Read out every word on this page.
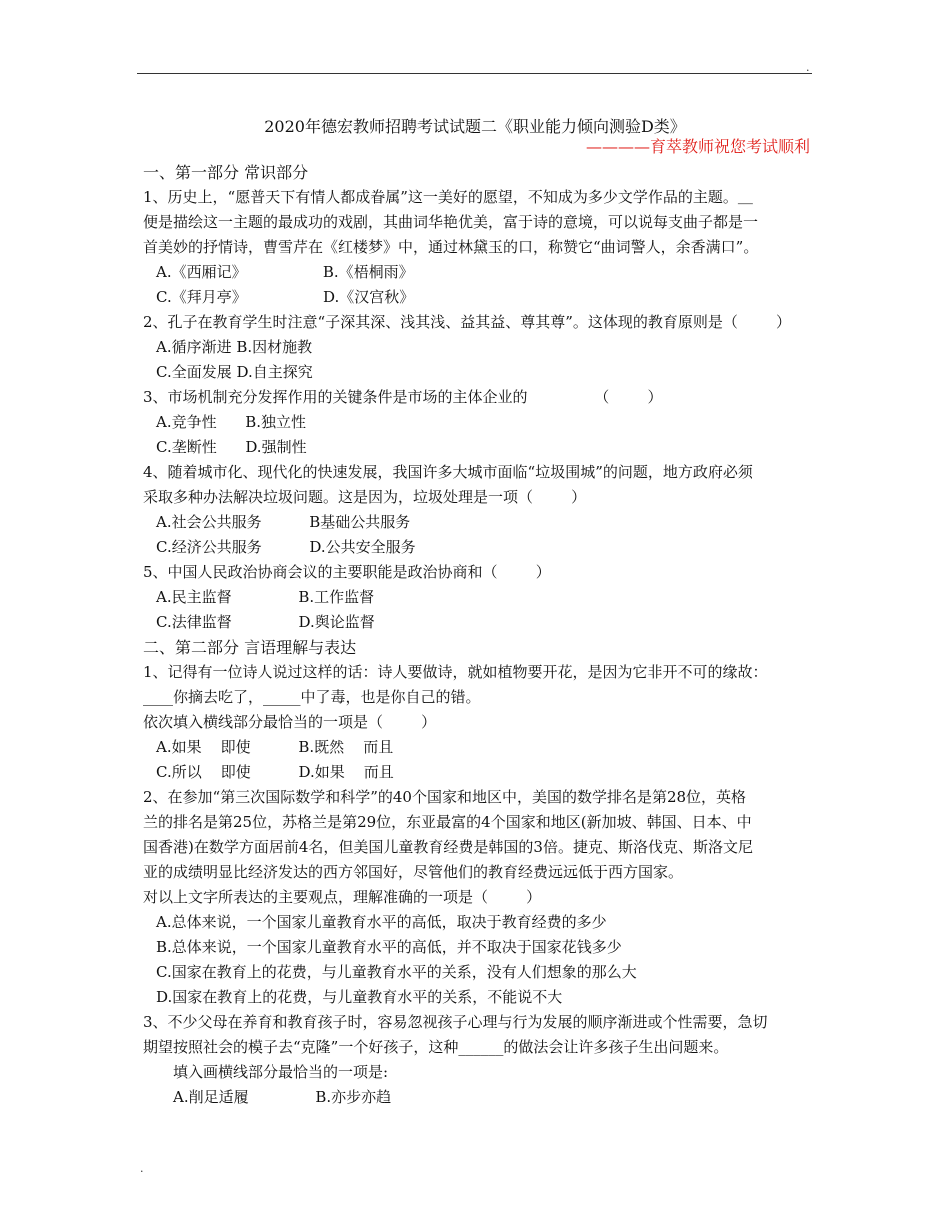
.
2020年德宏教师招聘考试试题二《职业能力倾向测验D类》
————育萃教师祝您考试顺利

一、第一部分 常识部分

1、历史上，“愿普天下有情人都成眷属”这一美好的愿望，不知成为多少文学作品的主题。＿

便是描绘这一主题的最成功的戏剧，其曲词华艳优美，富于诗的意境，可以说每支曲子都是一

首美妙的抒情诗，曹雪芹在《红楼梦》中，通过林黛玉的口，称赞它“曲词警人，余香满口”。

A.《西厢记》                B.《梧桐雨》

C.《拜月亭》                D.《汉宫秋》

2、孔子在教育学生时注意“子深其深、浅其浅、益其益、尊其尊”。这体现的教育原则是（        ）

A.循序渐进 B.因材施教

C.全面发展 D.自主探究

3、市场机制充分发挥作用的关键条件是市场的主体企业的              （        ）

A.竞争性      B.独立性

C.垄断性      D.强制性

4、随着城市化、现代化的快速发展，我国许多大城市面临“垃圾围城”的问题，地方政府必须

采取多种办法解决垃圾问题。这是因为，垃圾处理是一项（        ）

A.社会公共服务          B基础公共服务

C.经济公共服务          D.公共安全服务

5、中国人民政治协商会议的主要职能是政治协商和（        ）

A.民主监督              B.工作监督

C.法律监督              D.舆论监督

二、第二部分 言语理解与表达

1、记得有一位诗人说过这样的话：诗人要做诗，就如植物要开花，是因为它非开不可的缘故：

____你摘去吃了，_____中了毒，也是你自己的错。

依次填入横线部分最恰当的一项是（        ）

A.如果    即使          B.既然    而且

C.所以    即使          D.如果    而且

2、在参加“第三次国际数学和科学”的40个国家和地区中，美国的数学排名是第28位，英格

兰的排名是第25位，苏格兰是第29位，东亚最富的4个国家和地区(新加坡、韩国、日本、中

国香港)在数学方面居前4名，但美国儿童教育经费是韩国的3倍。捷克、斯洛伐克、斯洛文尼

亚的成绩明显比经济发达的西方邻国好，尽管他们的教育经费远远低于西方国家。

对以上文字所表达的主要观点，理解准确的一项是（        ）

A.总体来说，一个国家儿童教育水平的高低，取决于教育经费的多少

B.总体来说，一个国家儿童教育水平的高低，并不取决于国家花钱多少

C.国家在教育上的花费，与儿童教育水平的关系，没有人们想象的那么大

D.国家在教育上的花费，与儿童教育水平的关系，不能说不大

3、不少父母在养育和教育孩子时，容易忽视孩子心理与行为发展的顺序渐进或个性需要，急切

期望按照社会的模子去“克隆”一个好孩子，这种______的做法会让许多孩子生出问题来。

填入画横线部分最恰当的一项是:

A.削足适履              B.亦步亦趋

.
